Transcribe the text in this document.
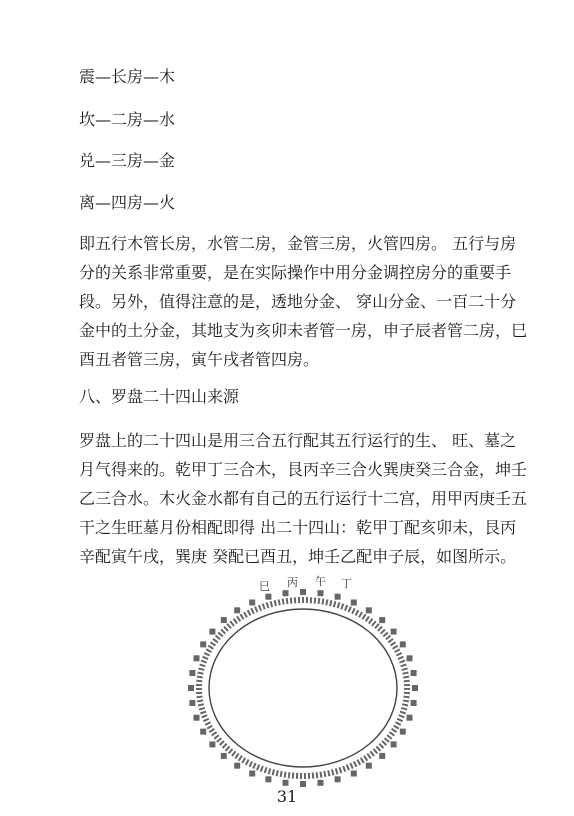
震—长房—木
坎—二房—水
兑—三房—金
离—四房—火
即五行木管长房，水管二房，金管三房，火管四房。 五行与房分的关系非常重要，是在实际操作中用分金调控房分的重要手段。另外，值得注意的是，透地分金、 穿山分金、一百二十分金中的土分金，其地支为亥卯未者管一房，申子辰者管二房，巳酉丑者管三房，寅午戌者管四房。
八、罗盘二十四山来源
罗盘上的二十四山是用三合五行配其五行运行的生、 旺、墓之月气得来的。乾甲丁三合木，艮丙辛三合火巽庚癸三合金，坤壬乙三合水。木火金水都有自己的五行运行十二宫，用甲丙庚壬五干之生旺墓月份相配即得 出二十四山：乾甲丁配亥卯未，艮丙辛配寅午戌，巽庚 癸配已酉丑，坤壬乙配申子辰，如图所示。
巳 丙 午 丁
31
